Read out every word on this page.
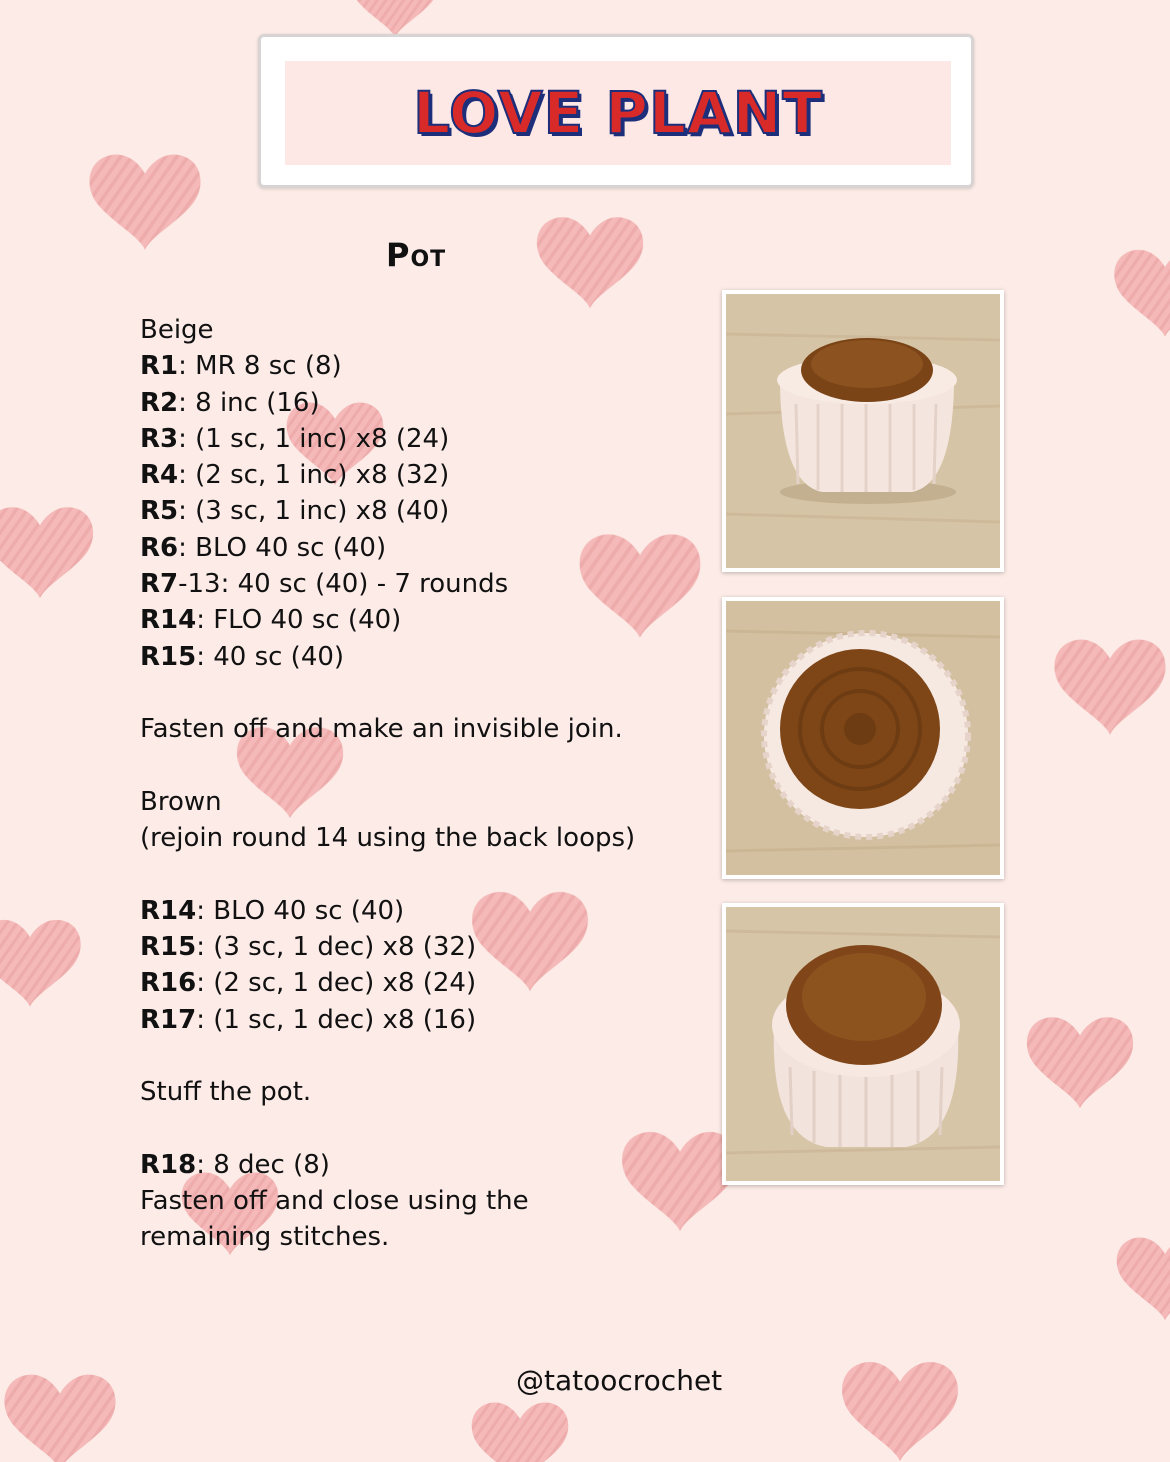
LOVE PLANT
Pot
Beige
R1: MR 8 sc (8)
R2: 8 inc (16)
R3: (1 sc, 1 inc) x8 (24)
R4: (2 sc, 1 inc) x8 (32)
R5: (3 sc, 1 inc) x8 (40)
R6: BLO 40 sc (40)
R7-13: 40 sc (40) - 7 rounds
R14: FLO 40 sc (40)
R15: 40 sc (40)
Fasten off and make an invisible join.
Brown
(rejoin round 14 using the back loops)
R14: BLO 40 sc (40)
R15: (3 sc, 1 dec) x8 (32)
R16: (2 sc, 1 dec) x8 (24)
R17: (1 sc, 1 dec) x8 (16)
Stuff the pot.
R18: 8 dec (8)
Fasten off and close using the
remaining stitches.
@tatoocrochet
